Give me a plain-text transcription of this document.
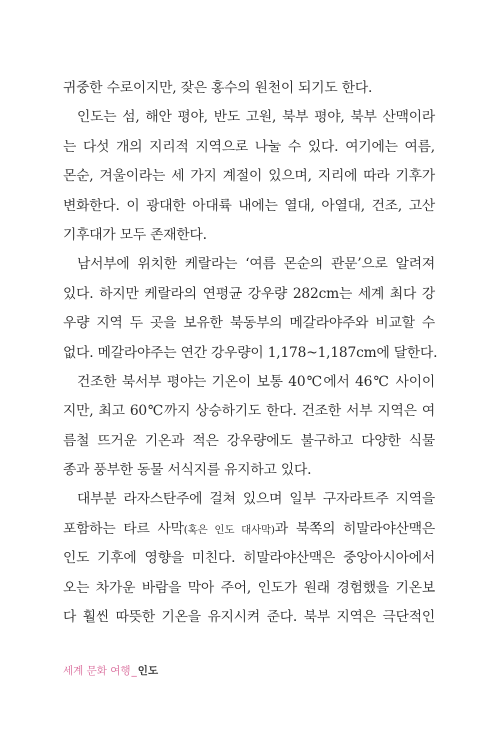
귀중한 수로이지만, 잦은 홍수의 원천이 되기도 한다.
인도는 섬, 해안 평야, 반도 고원, 북부 평야, 북부 산맥이라
는 다섯 개의 지리적 지역으로 나눌 수 있다. 여기에는 여름,
몬순, 겨울이라는 세 가지 계절이 있으며, 지리에 따라 기후가
변화한다. 이 광대한 아대륙 내에는 열대, 아열대, 건조, 고산
기후대가 모두 존재한다.
남서부에 위치한 케랄라는 ‘여름 몬순의 관문’으로 알려져
있다. 하지만 케랄라의 연평균 강우량 282cm는 세계 최다 강
우량 지역 두 곳을 보유한 북동부의 메갈라야주와 비교할 수
없다. 메갈라야주는 연간 강우량이 1,178~1,187cm에 달한다.
건조한 북서부 평야는 기온이 보통 40℃에서 46℃ 사이이
지만, 최고 60℃까지 상승하기도 한다. 건조한 서부 지역은 여
름철 뜨거운 기온과 적은 강우량에도 불구하고 다양한 식물
종과 풍부한 동물 서식지를 유지하고 있다.
대부분 라자스탄주에 걸쳐 있으며 일부 구자라트주 지역을
포함하는 타르 사막(혹은 인도 대사막)과 북쪽의 히말라야산맥은
인도 기후에 영향을 미친다. 히말라야산맥은 중앙아시아에서
오는 차가운 바람을 막아 주어, 인도가 원래 경험했을 기온보
다 훨씬 따뜻한 기온을 유지시켜 준다. 북부 지역은 극단적인
세계 문화 여행_인도
